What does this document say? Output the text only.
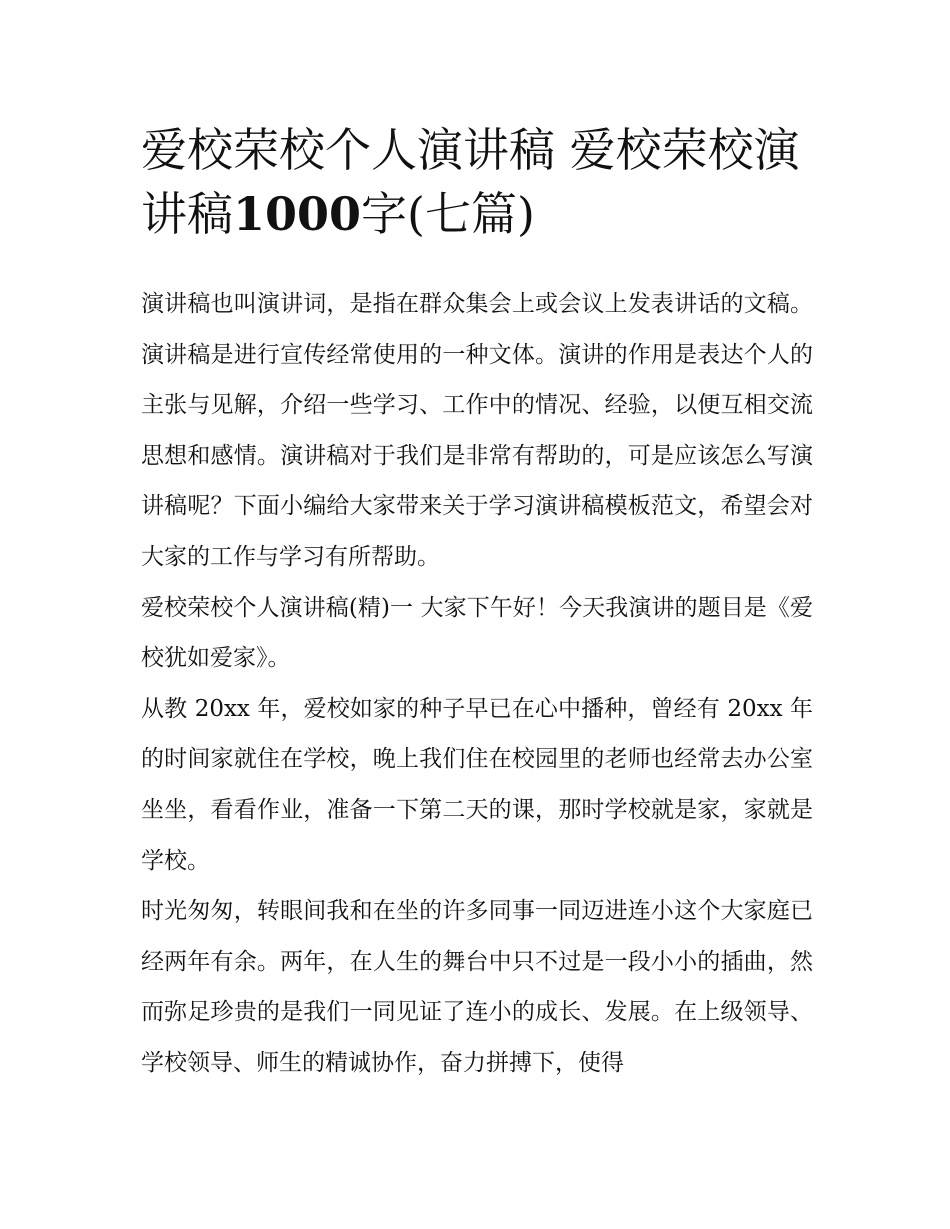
爱校荣校个人演讲稿 爱校荣校演讲稿1000字(七篇)

演讲稿也叫演讲词，是指在群众集会上或会议上发表讲话的文稿。演讲稿是进行宣传经常使用的一种文体。演讲的作用是表达个人的主张与见解，介绍一些学习、工作中的情况、经验，以便互相交流思想和感情。演讲稿对于我们是非常有帮助的，可是应该怎么写演讲稿呢？下面小编给大家带来关于学习演讲稿模板范文，希望会对大家的工作与学习有所帮助。

爱校荣校个人演讲稿(精)一 大家下午好！今天我演讲的题目是《爱校犹如爱家》。

从教 20xx 年，爱校如家的种子早已在心中播种，曾经有 20xx 年的时间家就住在学校，晚上我们住在校园里的老师也经常去办公室坐坐，看看作业，准备一下第二天的课，那时学校就是家，家就是学校。

时光匆匆，转眼间我和在坐的许多同事一同迈进连小这个大家庭已经两年有余。两年，在人生的舞台中只不过是一段小小的插曲，然而弥足珍贵的是我们一同见证了连小的成长、发展。在上级领导、学校领导、师生的精诚协作，奋力拼搏下，使得
